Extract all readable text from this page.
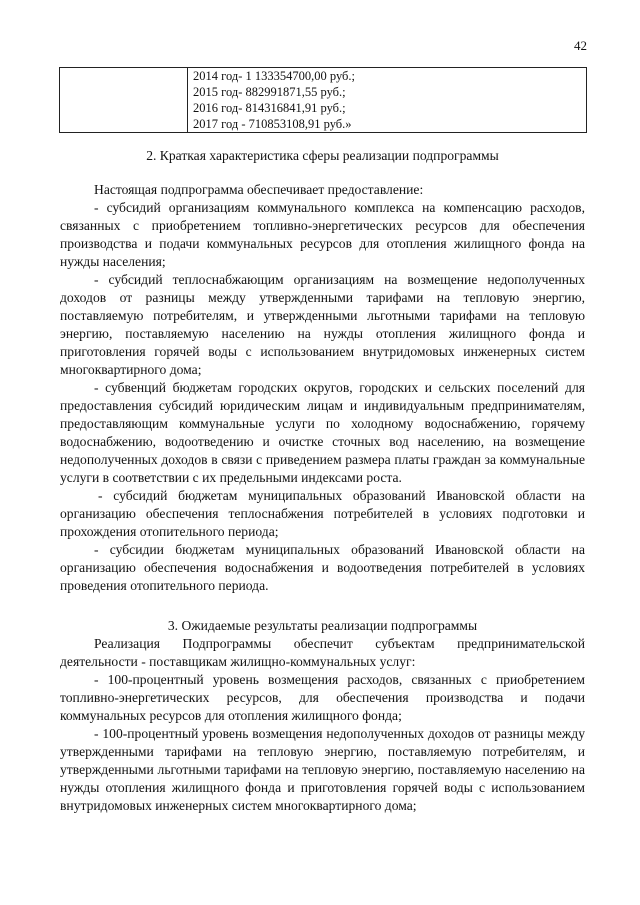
42

2014 год- 1 133354700,00 руб.;
2015 год- 882991871,55 руб.;
2016 год- 814316841,91 руб.;
2017 год - 710853108,91 руб.»
2. Краткая характеристика сферы реализации подпрограммы

Настоящая подпрограмма обеспечивает предоставление:

- субсидий организациям коммунального комплекса на компенсацию расходов, связанных с приобретением топливно-энергетических ресурсов для обеспечения производства и подачи коммунальных ресурсов для отопления жилищного фонда на нужды населения;

- субсидий теплоснабжающим организациям на возмещение недополученных доходов от разницы между утвержденными тарифами на тепловую энергию, поставляемую потребителям, и утвержденными льготными тарифами на тепловую энергию, поставляемую населению на нужды отопления жилищного фонда и приготовления горячей воды с использованием внутридомовых инженерных систем многоквартирного дома;

- субвенций бюджетам городских округов, городских и сельских поселений для предоставления субсидий юридическим лицам и индивидуальным предпринимателям, предоставляющим коммунальные услуги по холодному водоснабжению, горячему водоснабжению, водоотведению и очистке сточных вод населению, на возмещение недополученных доходов в связи с приведением размера платы граждан за коммунальные услуги в соответствии с их предельными индексами роста.

- субсидий бюджетам муниципальных образований Ивановской области на организацию обеспечения теплоснабжения потребителей в условиях подготовки и прохождения отопительного периода;

- субсидии бюджетам муниципальных образований Ивановской области на организацию обеспечения водоснабжения и водоотведения потребителей в условиях проведения отопительного периода.

3. Ожидаемые результаты реализации подпрограммы

Реализация Подпрограммы обеспечит субъектам предпринимательской деятельности - поставщикам жилищно-коммунальных услуг:

- 100-процентный уровень возмещения расходов, связанных с приобретением топливно-энергетических ресурсов, для обеспечения производства и подачи коммунальных ресурсов для отопления жилищного фонда;

- 100-процентный уровень возмещения недополученных доходов от разницы между утвержденными тарифами на тепловую энергию, поставляемую потребителям, и утвержденными льготными тарифами на тепловую энергию, поставляемую населению на нужды отопления жилищного фонда и приготовления горячей воды с использованием внутридомовых инженерных систем многоквартирного дома;
